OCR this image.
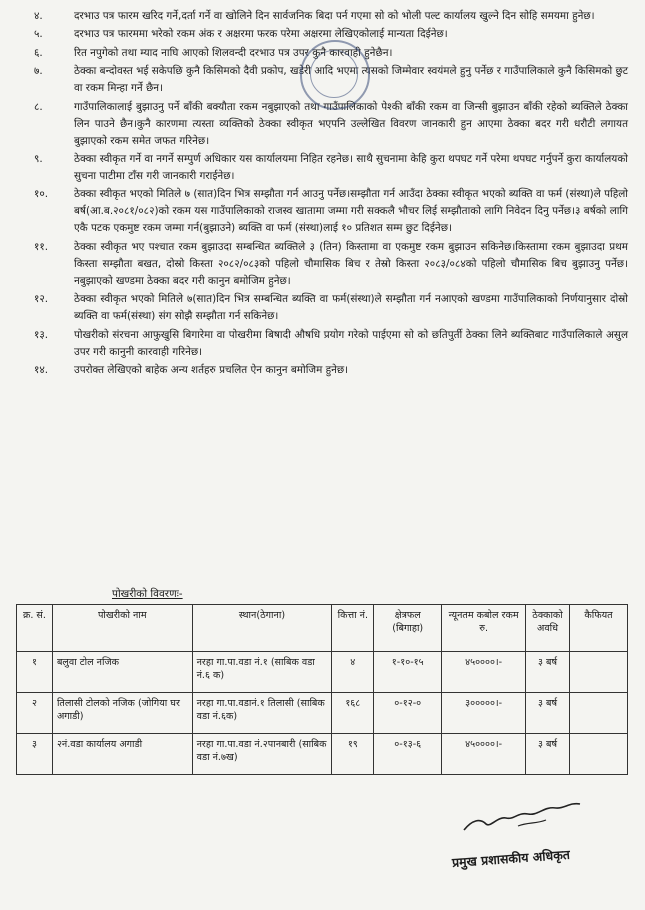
४.	दरभाउ पत्र फारम खरिद गर्ने,दर्ता गर्ने वा खोलिने दिन सार्वजनिक बिदा पर्न गएमा सो को भोली पल्ट कार्यालय खुल्ने दिन सोहि समयमा हुनेछ।
५.	दरभाउ पत्र फारममा भरेको रकम अंक र अक्षरमा फरक परेमा अक्षरमा लेखिएकोलाई मान्यता दिईनेछ।
६.	रित नपुगेको तथा म्याद नाघि आएको शिलवन्दी दरभाउ पत्र उपर कुनै कारवाही हुनेछैन।
७.	ठेक्का बन्दोवस्त भई सकेपछि कुनै किसिमको दैवी प्रकोप, खडेरी आदि भएमा त्यसको जिम्मेवार स्वयंमले हुनु पर्नेछ र गाउँपालिकाले कुनै किसिमको छुट वा रकम मिन्हा गर्ने छैन।
८.	गाउँपालिकालाई बुझाउनु पर्ने बाँकी बक्यौता रकम नबुझाएको तथा गाउँपालिकाको पेश्की बाँकी रकम वा जिन्सी बुझाउन बाँकी रहेको ब्यक्तिले ठेक्का लिन पाउने छैन।कुनै कारणमा त्यस्ता व्यक्तिको ठेक्का स्वीकृत भएपनि उल्लेखित विवरण जानकारी हुन आएमा ठेक्का बदर गरी धरौटी लगायत बुझाएको रकम समेत जफत गरिनेछ।
९.	ठेक्का स्वीकृत गर्ने वा नगर्ने सम्पुर्ण अधिकार यस कार्यालयमा निहित रहनेछ। साथै सुचनामा केहि कुरा थपघट गर्ने परेमा थपघट गर्नुपर्ने कुरा कार्यालयको सुचना पाटीमा टाँस गरी जानकारी गराईनेछ।
१०.	ठेक्का स्वीकृत भएको मितिले ७ (सात)दिन भित्र सम्झौता गर्न आउनु पर्नेछ।सम्झौता गर्न आउँदा ठेक्का स्वीकृत भएको ब्यक्ति वा फर्म (संस्था)ले पहिलो बर्ष(आ.ब.२०८१/०८२)को रकम यस गाउँपालिकाको राजस्व खातामा जम्मा गरी सक्कलै भौचर लिई सम्झौताको लागि निवेदन दिनु पर्नेछ।३ बर्षको लागि एकै पटक एकमुष्ट रकम जम्मा गर्न(बुझाउने) ब्यक्ति वा फर्म (संस्था)लाई १० प्रतिशत सम्म छुट दिईनेछ।
११.	ठेक्का स्वीकृत भए पश्चात रकम बुझाउदा सम्बन्धित ब्यक्तिले ३ (तिन) किस्तामा वा एकमुष्ट रकम बुझाउन सकिनेछ।किस्तामा रकम बुझाउदा प्रथम किस्ता सम्झौता बखत, दोस्रो किस्ता २०८२/०८३को पहिलो चौमासिक बिच र तेस्रो किस्ता २०८३/०८४को पहिलो चौमासिक बिच बुझाउनु पर्नेछ।नबुझाएको खण्डमा ठेक्का बदर गरी कानुन बमोजिम हुनेछ।
१२.	ठेक्का स्वीकृत भएको मितिले ७(सात)दिन भित्र सम्बन्धित ब्यक्ति वा फर्म(संस्था)ले सम्झौता गर्न नआएको खण्डमा गाउँपालिकाको निर्णयानुसार दोस्रो ब्यक्ति वा फर्म(संस्था) संग सोझै सम्झौता गर्न सकिनेछ।
१३.	पोखरीको संरचना आफुखुसि बिगारेमा वा पोखरीमा बिषादी औषधि प्रयोग गरेको पाईएमा सो को छतिपुर्ती ठेक्का लिने ब्यक्तिबाट गाउँपालिकाले असुल उपर गरी कानुनी कारवाही गरिनेछ।
१४.	उपरोक्त लेखिएको बाहेक अन्य शर्तहरु प्रचलित ऐन कानुन बमोजिम हुनेछ।
पोखरीको विवरणः-
क्र. सं.	पोखरीको नाम	स्थान(ठेगाना)	कित्ता नं.	क्षेत्रफल (बिगाहा)	न्यूनतम कबोल रकम रु.	ठेक्काको अवधि	कैफियत
१	बलुवा टोल नजिक	नरहा गा.पा.वडा नं.१ (साबिक वडा नं.६ क)	४	१-१०-१५	४५००००।-	३ बर्ष	
२	तिलासी टोलको नजिक (जोगिया घर अगाडी)	नरहा गा.पा.वडानं.१ तिलासी (साबिक वडा नं.६क)	१६८	०-१२-०	३०००००।-	३ बर्ष	
३	२नं.वडा कार्यालय अगाडी	नरहा गा.पा.वडा नं.२पानबारी (साबिक वडा नं.७ख)	१९	०-१३-६	४५००००।-	३ बर्ष	
प्रमुख प्रशासकीय अधिकृत
